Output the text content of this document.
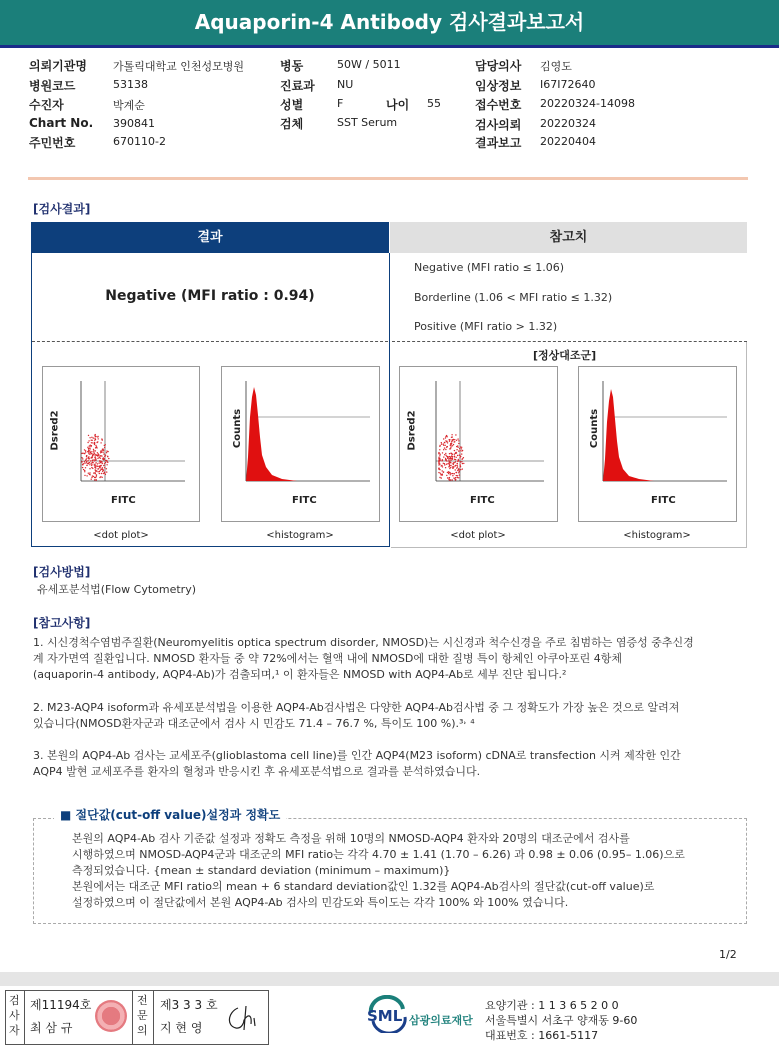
Aquaporin-4 Antibody 검사결과보고서
의뢰기관명 가톨릭대학교 인천성모병원
병원코드	53138
수진자	박계순
Chart No. 390841
주민번호	670110-2
병동	50W / 5011
진료과 NU
성별	F	나이 55
검체	SST Serum
담당의사 김영도
임상정보 I67I72640
접수번호 20220324-14098
검사의뢰 20220324
결과보고 20220404
[검사결과]
결과	참고치
Negative (MFI ratio : 0.94)
Negative (MFI ratio ≤ 1.06)
Borderline (1.06 < MFI ratio ≤ 1.32)
Positive (MFI ratio > 1.32)
[정상대조군]
Dsred2
FITC
Counts
FITC
<dot plot>	<histogram>
Dsred2
FITC
Counts
FITC
<dot plot>	<histogram>
[검사방법]
유세포분석법(Flow Cytometry)
[참고사항]
1. 시신경척수염범주질환(Neuromyelitis optica spectrum disorder, NMOSD)는 시신경과 척수신경을 주로 침범하는 염증성 중추신경
계 자가면역 질환입니다. NMOSD 환자들 중 약 72%에서는 혈액 내에 NMOSD에 대한 질병 특이 항체인 아쿠아포린 4항체
(aquaporin-4 antibody, AQP4-Ab)가 검출되며,¹ 이 환자들은 NMOSD with AQP4-Ab로 세부 진단 됩니다.²
2. M23-AQP4 isoform과 유세포분석법을 이용한 AQP4-Ab검사법은 다양한 AQP4-Ab검사법 중 그 정확도가 가장 높은 것으로 알려져
있습니다(NMOSD환자군과 대조군에서 검사 시 민감도 71.4 – 76.7 %, 특이도 100 %).³˒ ⁴
3. 본원의 AQP4-Ab 검사는 교세포주(glioblastoma cell line)를 인간 AQP4(M23 isoform) cDNA로 transfection 시켜 제작한 인간
AQP4 발현 교세포주를 환자의 혈청과 반응시킨 후 유세포분석법으로 결과를 분석하였습니다.
■ 절단값(cut-off value)설정과 정확도
본원의 AQP4-Ab 검사 기준값 설정과 정확도 측정을 위해 10명의 NMOSD-AQP4 환자와 20명의 대조군에서 검사를
시행하였으며 NMOSD-AQP4군과 대조군의 MFI ratio는 각각 4.70 ± 1.41 (1.70 – 6.26) 과 0.98 ± 0.06 (0.95– 1.06)으로
측정되었습니다. {mean ± standard deviation (minimum – maximum)}
본원에서는 대조군 MFI ratio의 mean + 6 standard deviation값인 1.32를 AQP4-Ab검사의 절단값(cut-off value)로
설정하였으며 이 절단값에서 본원 AQP4-Ab 검사의 민감도와 특이도는 각각 100% 와 100% 였습니다.
1/2
검
사
자
제11194호
최 삼 규
전
문
의
제3 3 3 호
지 현 영
SML 삼광의료재단
요양기관 : 1 1 3 6 5 2 0 0
서울특별시 서초구 양재동 9-60
대표번호 : 1661-5117
